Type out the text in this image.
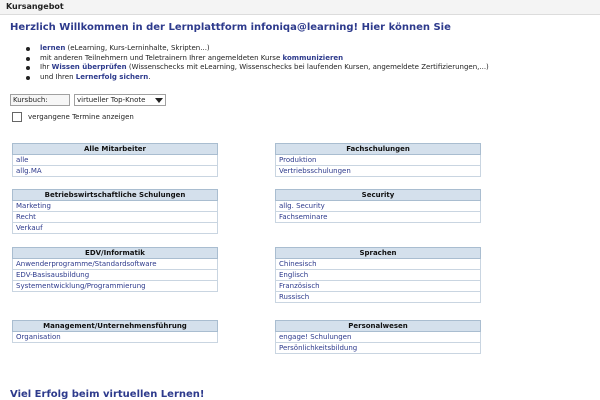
Kursangebot
Herzlich Willkommen in der Lernplattform infoniqa@learning! Hier können Sie
lernen (eLearning, Kurs-Lerninhalte, Skripten...)
mit anderen Teilnehmern und Teletrainern Ihrer angemeldeten Kurse kommunizieren
Ihr Wissen überprüfen (Wissenschecks mit eLearning, Wissenschecks bei laufenden Kursen, angemeldete Zertifizierungen,...)
und Ihren Lernerfolg sichern.
Kursbuch:	virtueller Top-Knote
vergangene Termine anzeigen
Alle Mitarbeiter
alle
allg.MA
Betriebswirtschaftliche Schulungen
Marketing
Recht
Verkauf
EDV/Informatik
Anwenderprogramme/Standardsoftware
EDV-Basisausbildung
Systementwicklung/Programmierung
Management/Unternehmensführung
Organisation
Fachschulungen
Produktion
Vertriebsschulungen
Security
allg. Security
Fachseminare
Sprachen
Chinesisch
Englisch
Französisch
Russisch
Personalwesen
engage! Schulungen
Persönlichkeitsbildung
Viel Erfolg beim virtuellen Lernen!
